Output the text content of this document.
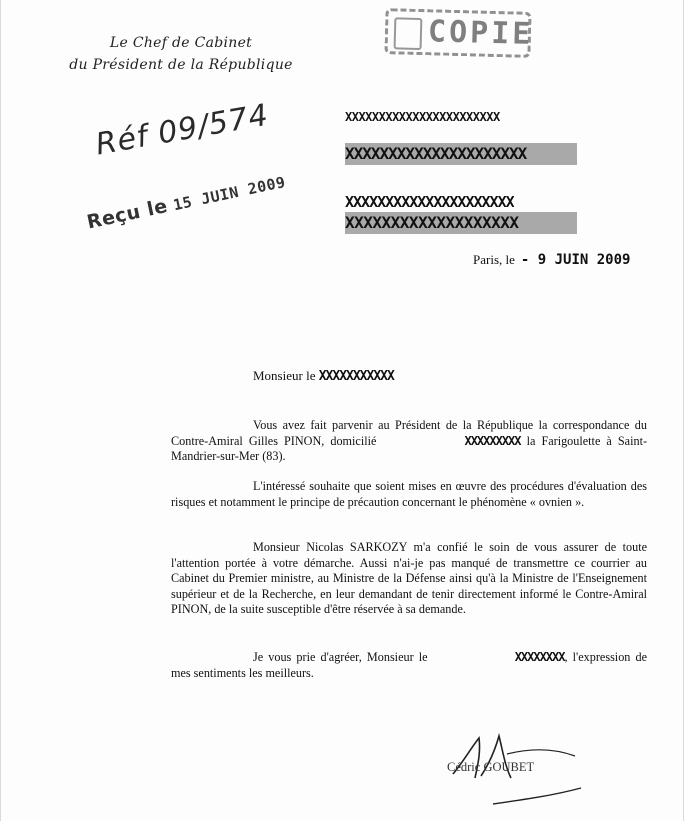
Le Chef de Cabinet
du Président de la République
COPIE
XXXXXXXXXXXXXXXXXXXXXXX
XXXXXXXXXXXXXXXXXXXXX
XXXXXXXXXXXXXXXXXXXXX
XXXXXXXXXXXXXXXXXXX
Réf 09/574
Reçu le 15 JUIN 2009
Paris, le - 9 JUIN 2009
Monsieur le XXXXXXXXXXX

Vous avez fait parvenir au Président de la République la correspondance du Contre-Amiral Gilles PINON, domicilié	XXXXXXXXX la Farigoulette à Saint-Mandrier-sur-Mer (83).

L'intéressé souhaite que soient mises en œuvre des procédures d'évaluation des risques et notamment le principe de précaution concernant le phénomène « ovnien ».

Monsieur Nicolas SARKOZY m'a confié le soin de vous assurer de toute l'attention portée à votre démarche. Aussi n'ai-je pas manqué de transmettre ce courrier au Cabinet du Premier ministre, au Ministre de la Défense ainsi qu'à la Ministre de l'Enseignement supérieur et de la Recherche, en leur demandant de tenir directement informé le Contre-Amiral PINON, de la suite susceptible d'être réservée à sa demande.

Je vous prie d'agréer, Monsieur le	XXXXXXXX, l'expression de mes sentiments les meilleurs.

Cédric GOUBET
